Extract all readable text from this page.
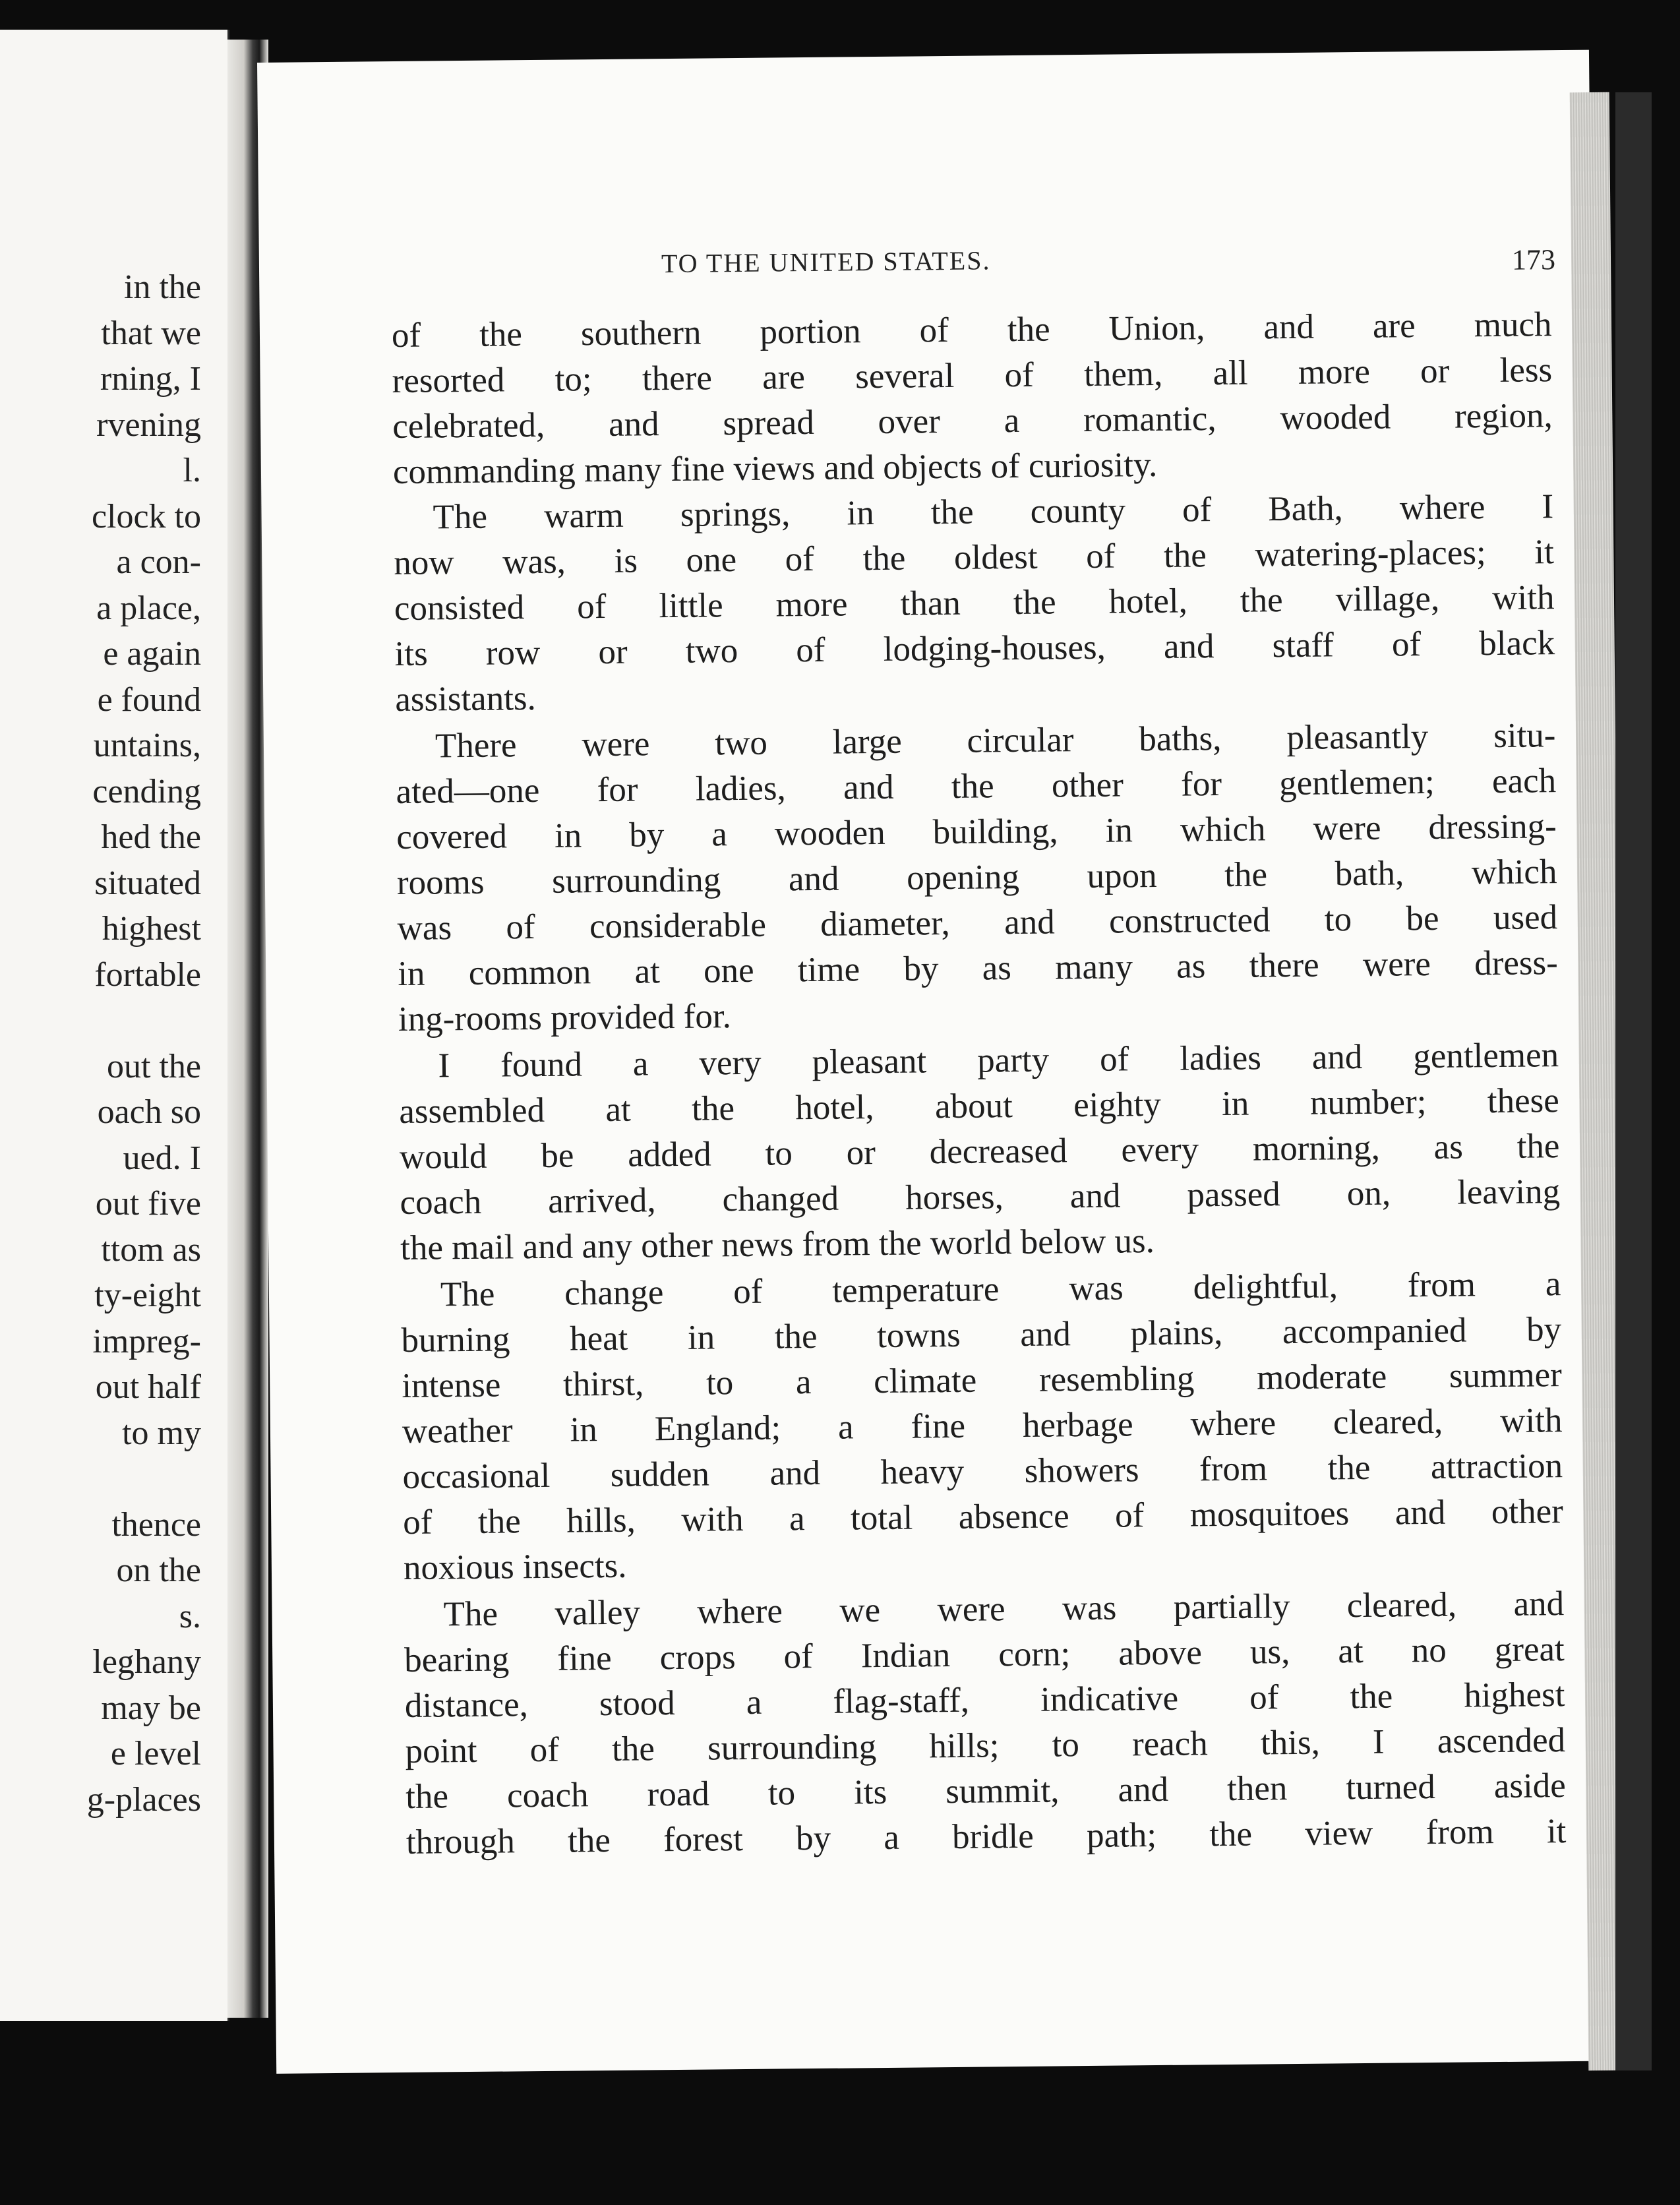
in the
that we
rning, I
rvening
l.
clock to
a con-
a place,
e again
e found
untains,
cending
hed the
situated
highest
fortable
out the
oach so
ued. I
out five
ttom as
ty-eight
impreg-
out half
to my
thence
on the
s.
leghany
may be
e level
g-places
TO THE UNITED STATES.	173
of the southern portion of the Union, and are much
resorted to; there are several of them, all more or less
celebrated, and spread over a romantic, wooded region,
commanding many fine views and objects of curiosity.
The warm springs, in the county of Bath, where I
now was, is one of the oldest of the watering-places; it
consisted of little more than the hotel, the village, with
its row or two of lodging-houses, and staff of black
assistants.
There were two large circular baths, pleasantly situ-
ated—one for ladies, and the other for gentlemen; each
covered in by a wooden building, in which were dressing-
rooms surrounding and opening upon the bath, which
was of considerable diameter, and constructed to be used
in common at one time by as many as there were dress-
ing-rooms provided for.
I found a very pleasant party of ladies and gentlemen
assembled at the hotel, about eighty in number; these
would be added to or decreased every morning, as the
coach arrived, changed horses, and passed on, leaving
the mail and any other news from the world below us.
The change of temperature was delightful, from a
burning heat in the towns and plains, accompanied by
intense thirst, to a climate resembling moderate summer
weather in England; a fine herbage where cleared, with
occasional sudden and heavy showers from the attraction
of the hills, with a total absence of mosquitoes and other
noxious insects.
The valley where we were was partially cleared, and
bearing fine crops of Indian corn; above us, at no great
distance, stood a flag-staff, indicative of the highest
point of the surrounding hills; to reach this, I ascended
the coach road to its summit, and then turned aside
through the forest by a bridle path; the view from it
